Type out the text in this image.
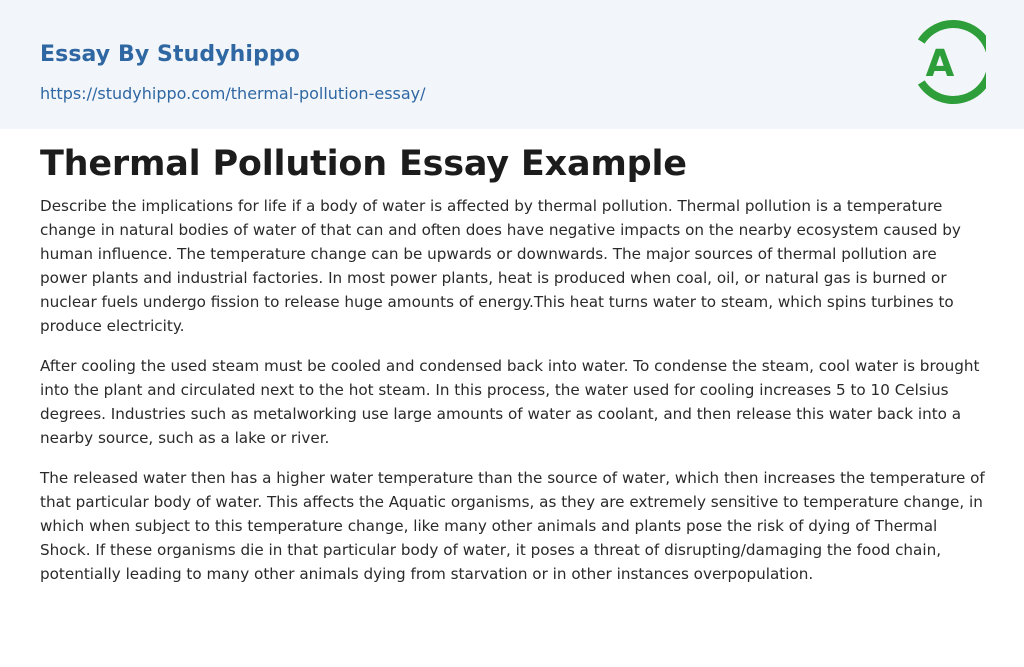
Essay By Studyhippo
https://studyhippo.com/thermal-pollution-essay/
A
Thermal Pollution Essay Example

Describe the implications for life if a body of water is affected by thermal pollution. Thermal pollution is a temperature change in natural bodies of water of that can and often does have negative impacts on the nearby ecosystem caused by human influence. The temperature change can be upwards or downwards. The major sources of thermal pollution are power plants and industrial factories. In most power plants, heat is produced when coal, oil, or natural gas is burned or nuclear fuels undergo fission to release huge amounts of energy.This heat turns water to steam, which spins turbines to produce electricity.

After cooling the used steam must be cooled and condensed back into water. To condense the steam, cool water is brought into the plant and circulated next to the hot steam. In this process, the water used for cooling increases 5 to 10 Celsius degrees. Industries such as metalworking use large amounts of water as coolant, and then release this water back into a nearby source, such as a lake or river.

The released water then has a higher water temperature than the source of water, which then increases the temperature of that particular body of water. This affects the Aquatic organisms, as they are extremely sensitive to temperature change, in which when subject to this temperature change, like many other animals and plants pose the risk of dying of Thermal Shock. If these organisms die in that particular body of water, it poses a threat of disrupting/damaging the food chain, potentially leading to many other animals dying from starvation or in other instances overpopulation.
